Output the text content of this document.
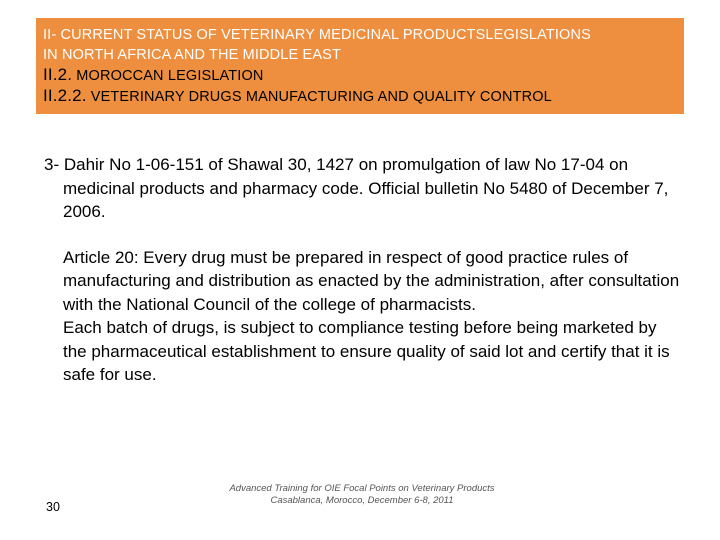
II- CURRENT STATUS OF VETERINARY MEDICINAL PRODUCTSLEGISLATIONS
IN NORTH AFRICA AND THE MIDDLE EAST
II.2. MOROCCAN LEGISLATION
II.2.2. VETERINARY DRUGS MANUFACTURING AND QUALITY CONTROL
3- Dahir No 1-06-151 of Shawal 30, 1427 on promulgation of law No 17-04 on medicinal products and pharmacy code. Official bulletin No 5480 of December 7, 2006.

Article 20: Every drug must be prepared in respect of good practice rules of manufacturing and distribution as enacted by the administration, after consultation with the National Council of the college of pharmacists.

Each batch of drugs, is subject to compliance testing before being marketed by the pharmaceutical establishment to ensure quality of said lot and certify that it is safe for use.

30
Advanced Training for OIE Focal Points on Veterinary Products
Casablanca, Morocco, December 6-8, 2011
